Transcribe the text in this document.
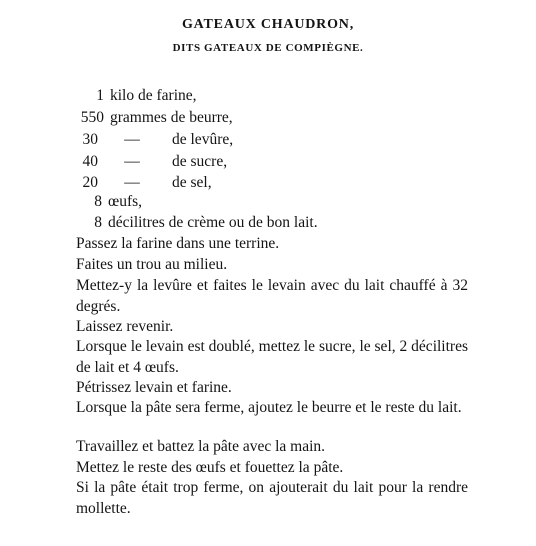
GATEAUX CHAUDRON,
DITS GATEAUX DE COMPIÈGNE.
1 kilo de farine,
550 grammes de beurre,
30	—	de levûre,
40	—	de sucre,
20	—	de sel,
8 œufs,
8 décilitres de crème ou de bon lait.

Passez la farine dans une terrine.

Faites un trou au milieu.

Mettez-y la levûre et faites le levain avec du lait chauffé à 32 degrés.

Laissez revenir.

Lorsque le levain est doublé, mettez le sucre, le sel, 2 décilitres de lait et 4 œufs.

Pétrissez levain et farine.

Lorsque la pâte sera ferme, ajoutez le beurre et le reste du lait.

Travaillez et battez la pâte avec la main.

Mettez le reste des œufs et fouettez la pâte.

Si la pâte était trop ferme, on ajouterait du lait pour la rendre mollette.
